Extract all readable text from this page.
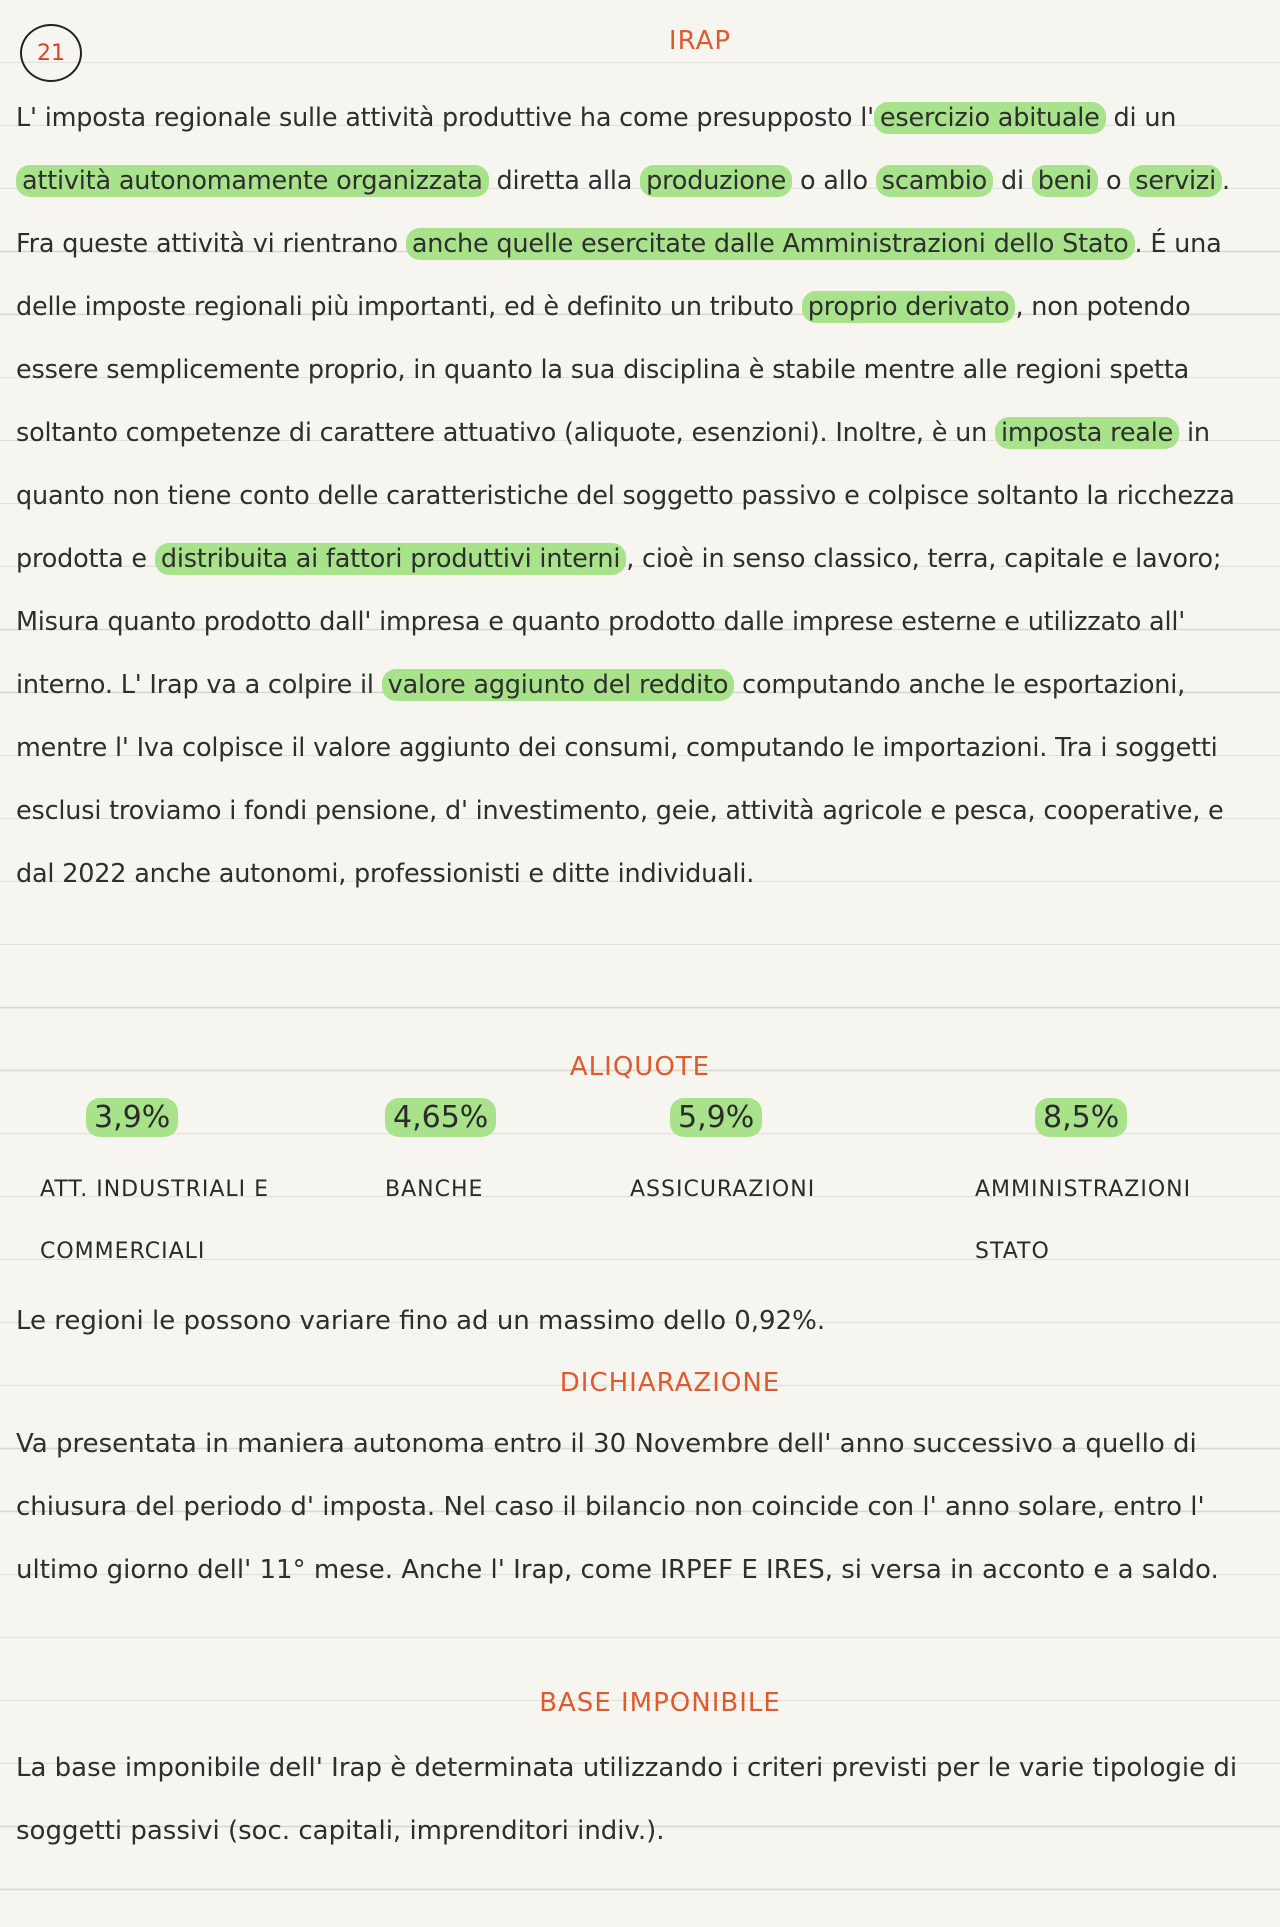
21	IRAP

L' imposta regionale sulle attività produttive ha come presupposto l' esercizio abituale di un attività autonomamente organizzata diretta alla produzione o allo scambio di beni o servizi . Fra queste attività vi rientrano anche quelle esercitate dalle Amministrazioni dello Stato . É una delle imposte regionali più importanti, ed è definito un tributo proprio derivato , non potendo essere semplicemente proprio, in quanto la sua disciplina è stabile mentre alle regioni spetta soltanto competenze di carattere attuativo (aliquote, esenzioni). Inoltre, è un imposta reale in quanto non tiene conto delle caratteristiche del soggetto passivo e colpisce soltanto la ricchezza prodotta e distribuita ai fattori produttivi interni , cioè in senso classico, terra, capitale e lavoro; Misura quanto prodotto dall' impresa e quanto prodotto dalle imprese esterne e utilizzato all' interno. L' Irap va a colpire il valore aggiunto del reddito computando anche le esportazioni, mentre l' Iva colpisce il valore aggiunto dei consumi, computando le importazioni. Tra i soggetti esclusi troviamo i fondi pensione, d' investimento, geie, attività agricole e pesca, cooperative, e dal 2022 anche autonomi, professionisti e ditte individuali.

ALIQUOTE
3,9%
ATT. INDUSTRIALI E
COMMERCIALI
4,65%
BANCHE
5,9%
ASSICURAZIONI
8,5%
AMMINISTRAZIONI STATO

Le regioni le possono variare fino ad un massimo dello 0,92%.

DICHIARAZIONE

Va presentata in maniera autonoma entro il 30 Novembre dell' anno successivo a quello di chiusura del periodo d' imposta. Nel caso il bilancio non coincide con l' anno solare, entro l' ultimo giorno dell' 11° mese. Anche l' Irap, come IRPEF E IRES, si versa in acconto e a saldo.

BASE IMPONIBILE

La base imponibile dell' Irap è determinata utilizzando i criteri previsti per le varie tipologie di soggetti passivi (soc. capitali, imprenditori indiv.).
